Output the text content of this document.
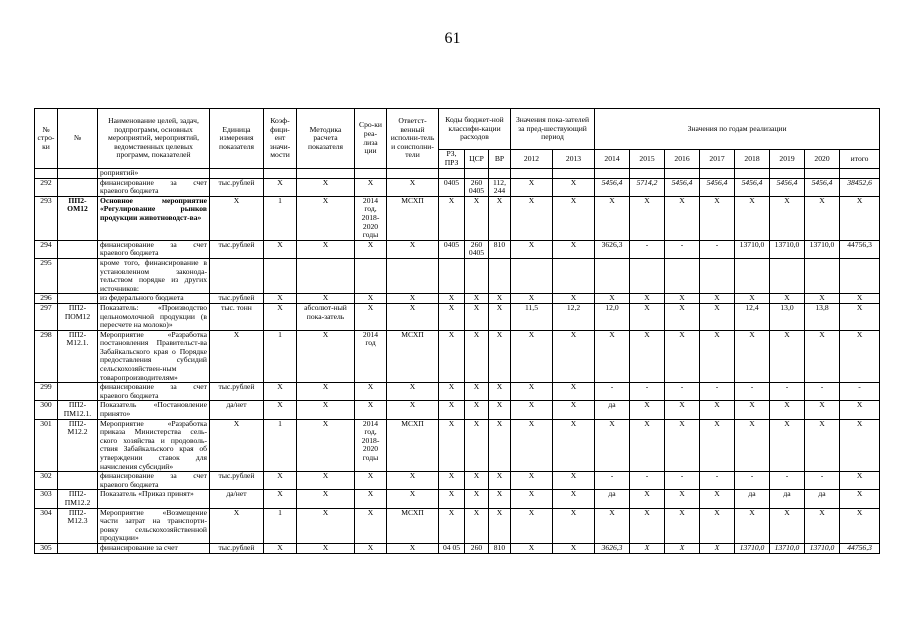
61
№ стро-ки	№	Наименование целей, задач, подпрограмм, основных мероприятий, мероприятий, ведомственных целевых программ, показателей	Единица измерения показателя	Коэф-фици-ент значи-мости	Методика расчета показателя	Сро-ки реа-лиза ции	Ответст-венный исполни-тель и соисполни-тели	Коды бюджет-ной классифи-кации расходов			Значения пока-зателей за пред-шествующий период		Значения по годам реализации							
								РЗ, ПРЗ	ЦСР	ВР	2012	2013	2014	2015	2016	2017	2018	2019	2020	итого
		роприятий»																		
292		финансирование за счет краевого бюджета	тыс.рублей	X	X	X	X	0405	260 0405	112, 244	X	X	5456,4	5714,2	5456,4	5456,4	5456,4	5456,4	5456,4	38452,6
293	ПП2-ОМ12	Основное мероприятие «Регулирование рынков продукции животноводст-ва»	X	1	X	2014 год, 2018-2020 годы	МСХП	X	X	X	X	X	X	X	X	X	X	X	X	X
294		финансирование за счет краевого бюджета	тыс.рублей	X	X	X	X	0405	260 0405	810	X	X	3626,3	-	-	-	13710,0	13710,0	13710,0	44756,3
295		кроме того, финансирование в установленном законода-тельством порядке из других источников:																		
296		из федерального бюджета	тыс.рублей	X	X	X	X	X	X	X	X	X	X	X	X	X	X	X	X	X
297	ПП2-ПОМ12	Показатель: «Производство цельномолочной продукции (в пересчете на молоко)»	тыс. тонн	X	абсолют-ный пока-затель	X	X	X	X	X	11,5	12,2	12,0	X	X	X	12,4	13,0	13,8	X
298	ПП2-М12.1.	Мероприятие «Разработка постановления Правительст-ва Забайкальского края о Порядке предоставления субсидий сельскохозяйствен-ным товаропроизводителям»	X	1	X	2014 год	МСХП	X	X	X	X	X	X	X	X	X	X	X	X	X
299		финансирование за счет краевого бюджета	тыс.рублей	X	X	X	X	X	X	X	X	X	-	-	-	-	-	-	-	-
300	ПП2-ПМ12.1.	Показатель «Постановление принято»	да/нет	X	X	X	X	X	X	X	X	X	да	X	X	X	X	X	X	X
301	ПП2-М12.2	Мероприятие «Разработка приказа Министерства сель-ского хозяйства и продоволь-ствия Забайкальского края об утверждении ставок для начисления субсидий»	X	1	X	2014 год, 2018-2020 годы	МСХП	X	X	X	X	X	X	X	X	X	X	X	X	X
302		финансирование за счет краевого бюджета	тыс.рублей	X	X	X	X	X	X	X	X	X	-	-	-	-	-	-	-	X
303	ПП2-ПМ12.2	Показатель «Приказ принят»	да/нет	X	X	X	X	X	X	X	X	X	да	X	X	X	да	да	да	X
304	ПП2-М12.3	Мероприятие «Возмещение части затрат на транспорти-ровку сельскохозяйственной продукции»	X	1	X	X	МСХП	X	X	X	X	X	X	X	X	X	X	X	X	X
305		финансирование за счет	тыс.рублей	X	X	X	X	04 05	260	810	X	X	3626,3	X	X	X	13710,0	13710,0	13710,0	44756,3
